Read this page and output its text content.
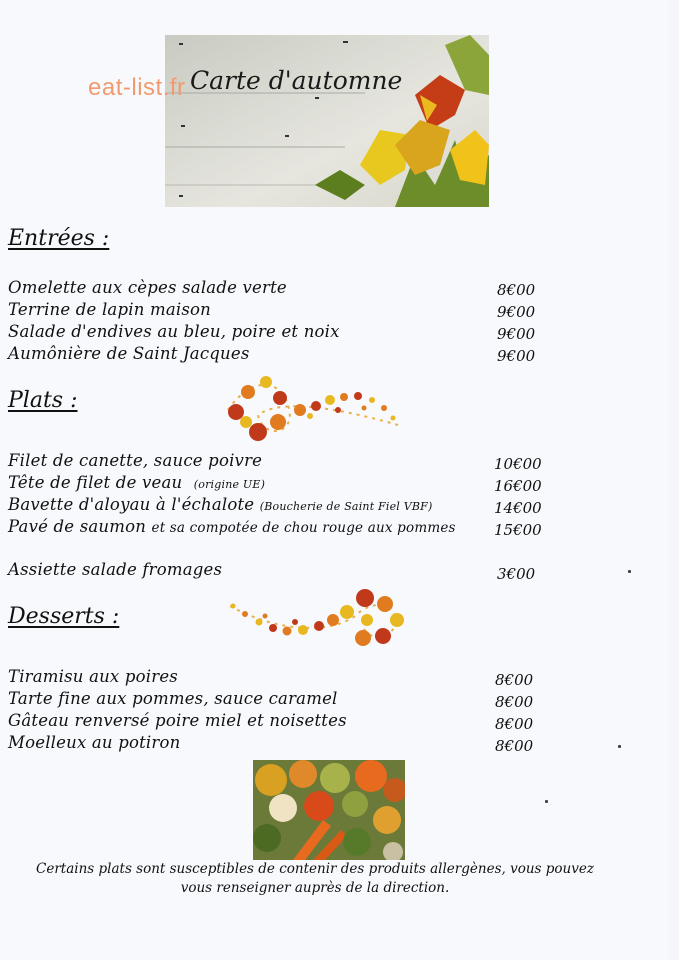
Carte d'automne
eat-list.fr
Entrées :
Omelette aux cèpes salade verte	8€00
Terrine de lapin maison	9€00
Salade d'endives au bleu, poire et noix	9€00
Aumônière de Saint Jacques	9€00
Plats :
Filet de canette, sauce poivre	10€00
Tête de filet de veau (origine UE)	16€00
Bavette d'aloyau à l'échalote (Boucherie de Saint Fiel VBF)	14€00
Pavé de saumon et sa compotée de chou rouge aux pommes	15€00
Assiette salade fromages	3€00
Desserts :
Tiramisu aux poires	8€00
Tarte fine aux pommes, sauce caramel	8€00
Gâteau renversé poire miel et noisettes	8€00
Moelleux au potiron	8€00
Certains plats sont susceptibles de contenir des produits allergènes, vous pouvez
vous renseigner auprès de la direction.
